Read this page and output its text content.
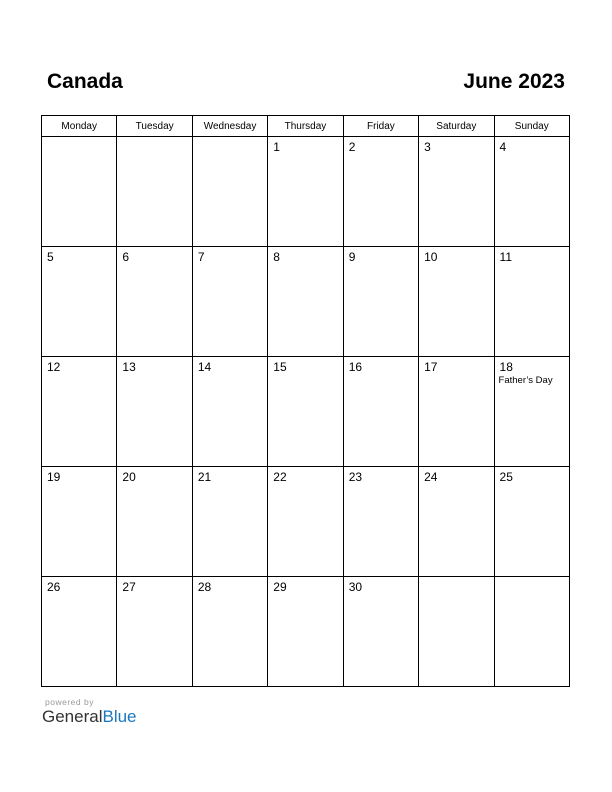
Canada	June 2023
Monday	Tuesday	Wednesday	Thursday	Friday	Saturday	Sunday

			1	2	3	4

5	6	7	8	9	10	11

12	13	14	15	16	17	18
Father’s Day

19	20	21	22	23	24	25

26	27	28	29	30		

powered by
GeneralBlue
